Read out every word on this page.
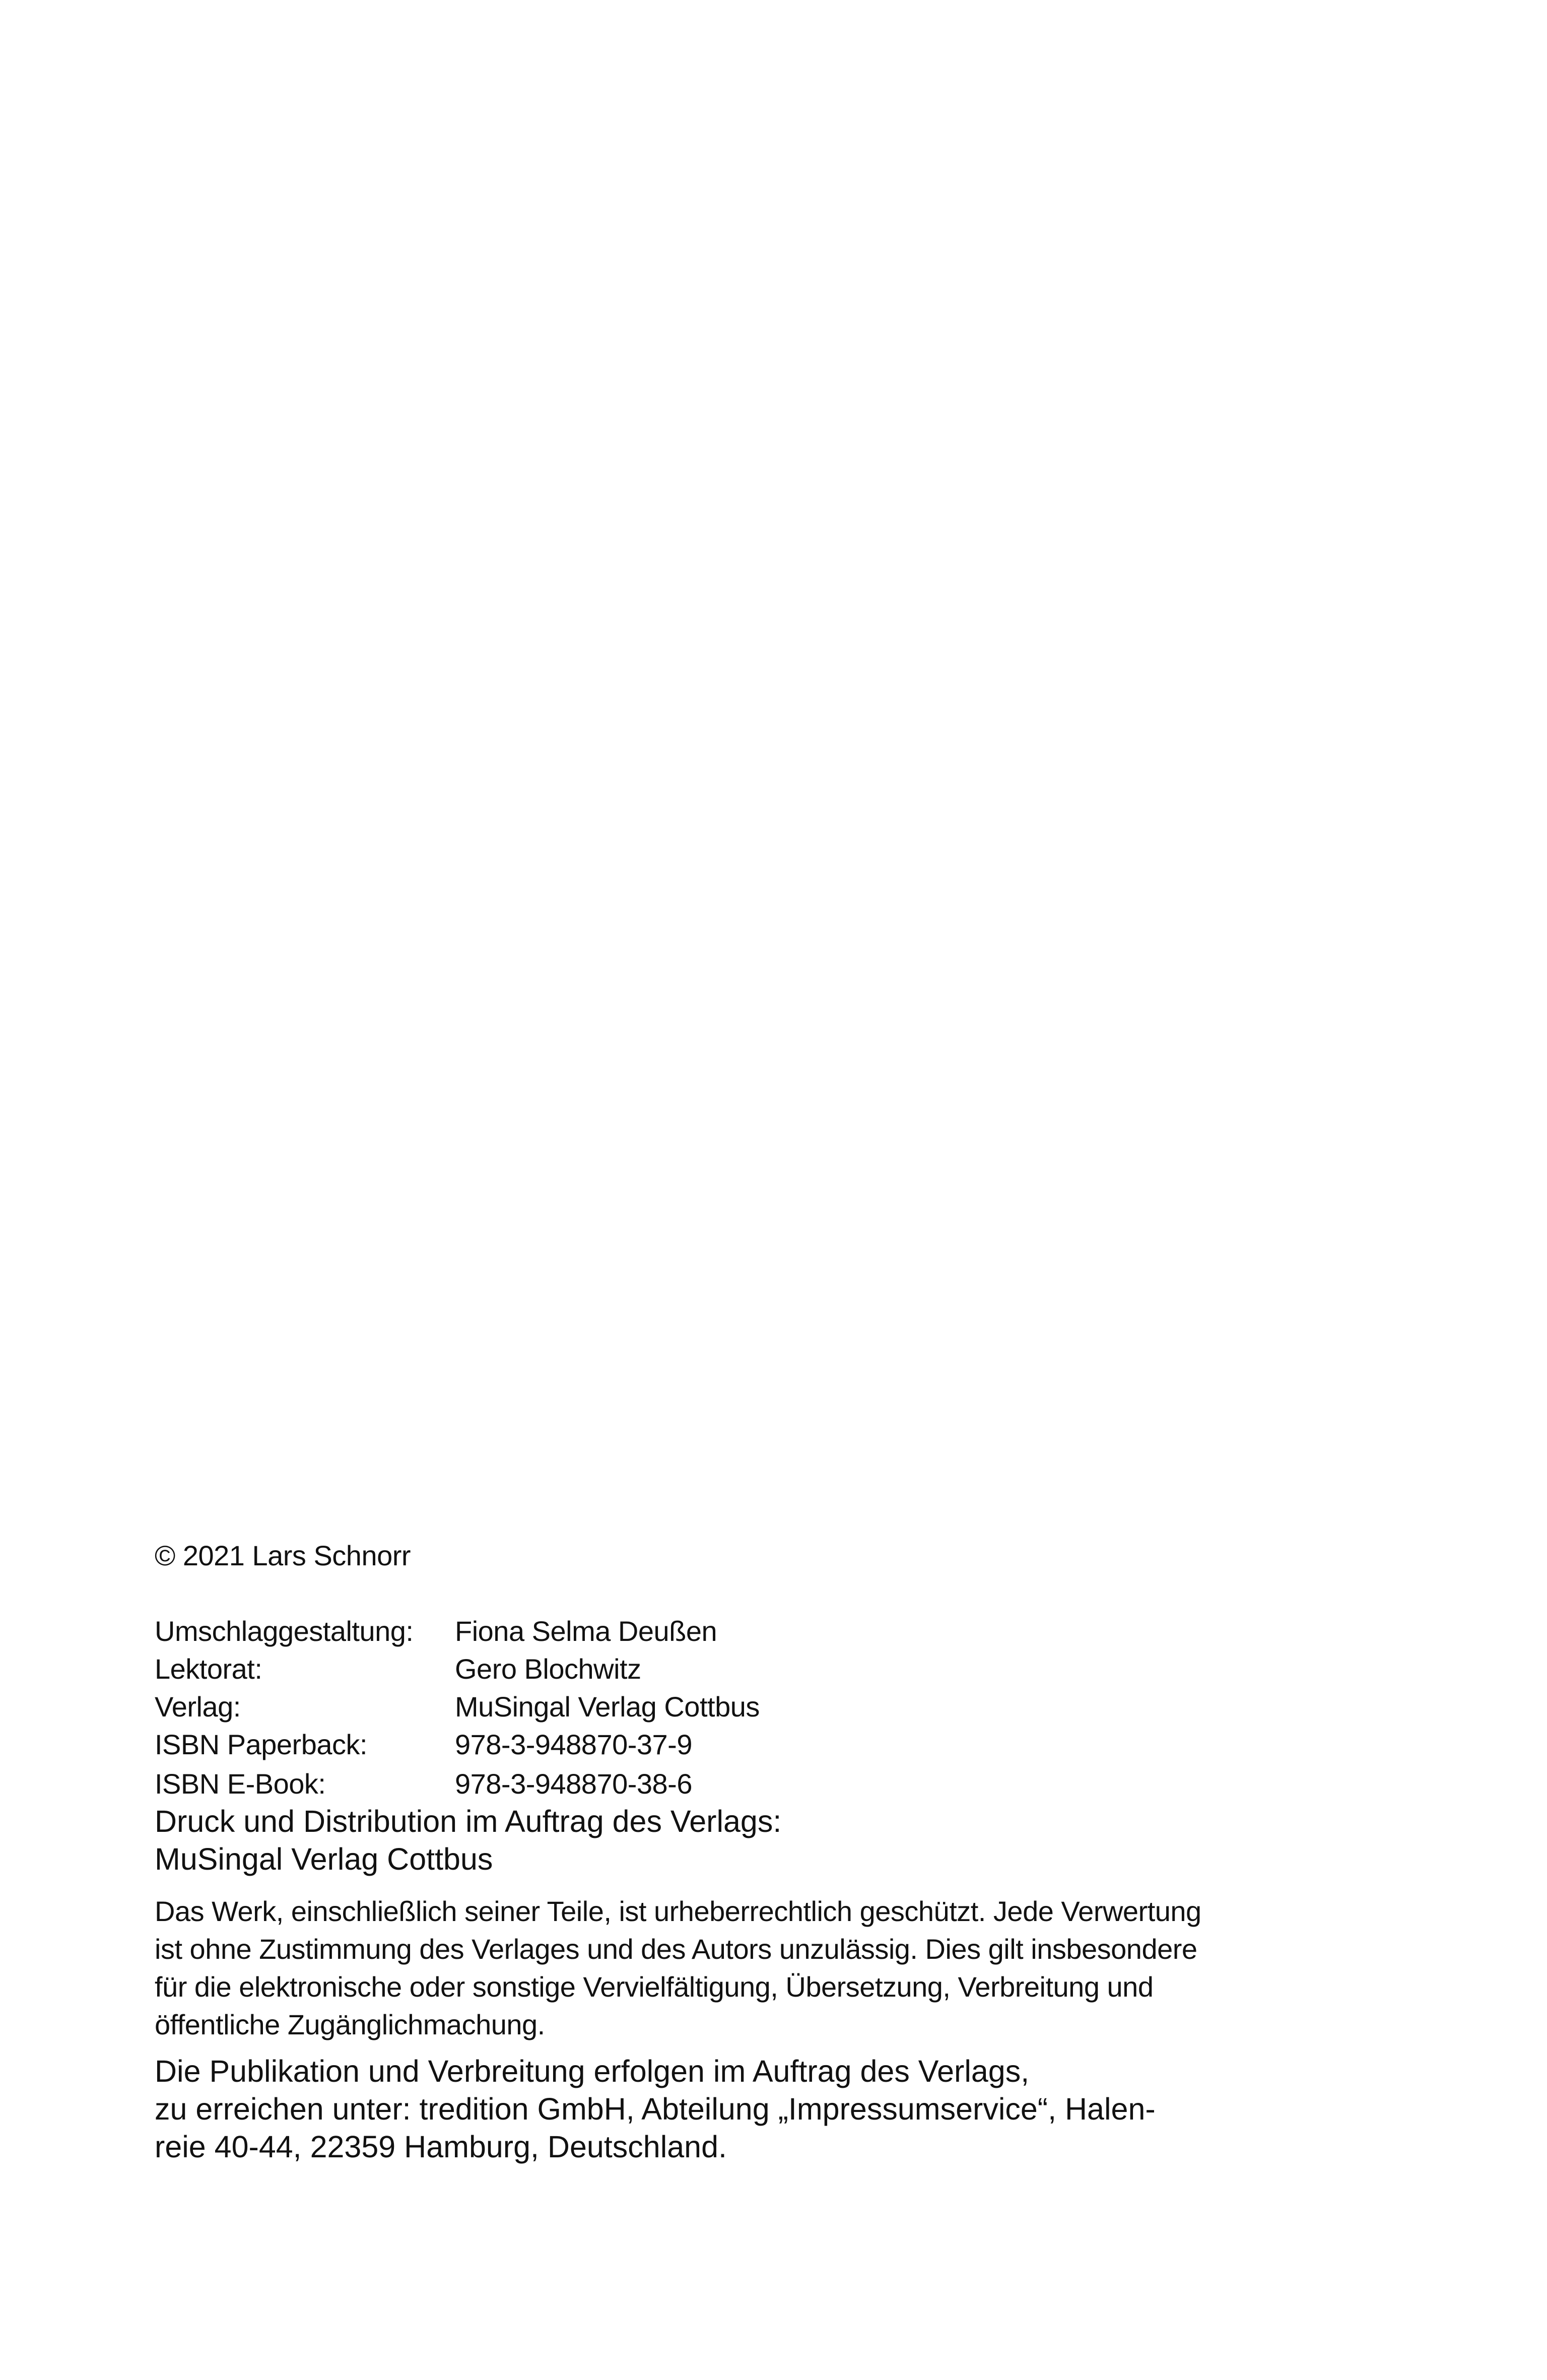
© 2021 Lars Schnorr
Umschlaggestaltung:	Fiona Selma Deußen
Lektorat:	Gero Blochwitz
Verlag:	MuSingal Verlag Cottbus
ISBN Paperback:	978-3-948870-37-9
ISBN E-Book:	978-3-948870-38-6
Druck und Distribution im Auftrag des Verlags:
MuSingal Verlag Cottbus
Das Werk, einschließlich seiner Teile, ist urheberrechtlich geschützt. Jede Verwertung
ist ohne Zustimmung des Verlages und des Autors unzulässig. Dies gilt insbesondere
für die elektronische oder sonstige Vervielfältigung, Übersetzung, Verbreitung und
öffentliche Zugänglichmachung.
Die Publikation und Verbreitung erfolgen im Auftrag des Verlags,
zu erreichen unter: tredition GmbH, Abteilung „Impressumservice“, Halen-
reie 40-44, 22359 Hamburg, Deutschland.
